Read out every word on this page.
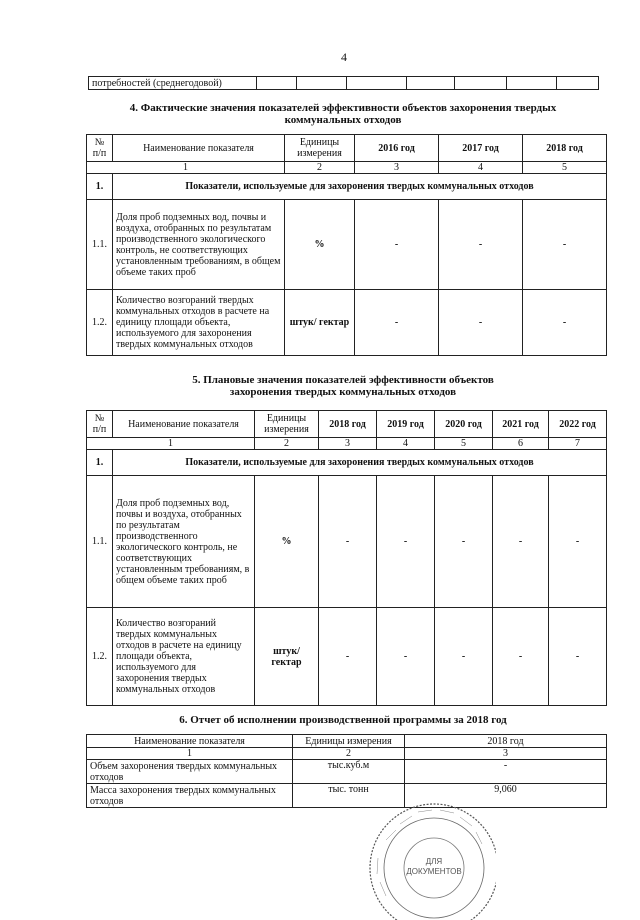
4
потребностей (среднегодовой)							
4. Фактические значения показателей эффективности объектов захоронения твердых
коммунальных отходов
№ п/п	Наименование показателя	Единицы измерения	2016 год	2017 год	2018 год
1		2	3	4	5
1.	Показатели, используемые для захоронения твердых коммунальных отходов				
1.1.	Доля проб подземных вод, почвы и воздуха, отобранных по результатам производственного экологического контроль, не соответствующих установленным требованиям, в общем объеме таких проб	%	-	-	-
1.2.	Количество возгораний твердых коммунальных отходов в расчете на единицу площади объекта, используемого для захоронения твердых коммунальных отходов	штук/ гектар	-	-	-
5. Плановые значения показателей эффективности объектов
захоронения твердых коммунальных отходов
№ п/п	Наименование показателя	Единицы измерения	2018 год	2019 год	2020 год	2021 год	2022 год
1		2	3	4	5	6	7
1.	Показатели, используемые для захоронения твердых коммунальных отходов						
1.1.	Доля проб подземных вод, почвы и воздуха, отобранных по результатам производственного экологического контроль, не соответствующих установленным требованиям, в общем объеме таких проб	%	-	-	-	-	-
1.2.	Количество возгораний твердых коммунальных отходов в расчете на единицу площади объекта, используемого для захоронения твердых коммунальных отходов	штук/ гектар	-	-	-	-	-
6. Отчет об исполнении производственной программы за 2018 год
Наименование показателя	Единицы измерения	2018 год
1	2	3
Объем захоронения твердых коммунальных отходов	тыс.куб.м	-
Масса захоронения твердых коммунальных отходов	тыс. тонн	9,060
ДЛЯ
ДОКУМЕНТОВ
